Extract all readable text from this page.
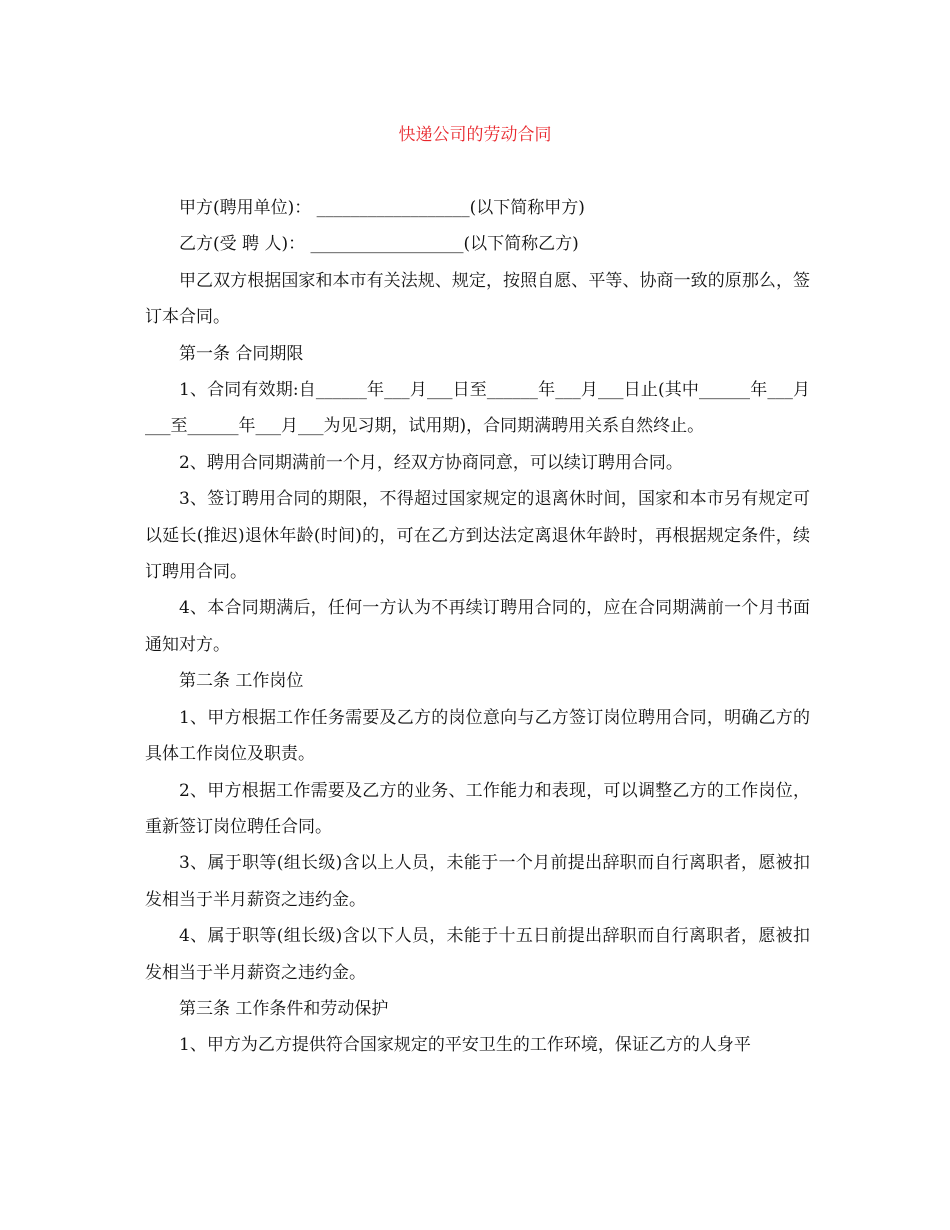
快递公司的劳动合同

甲方(聘用单位)： __________________(以下简称甲方)

乙方(受 聘 人)： __________________(以下简称乙方)

甲乙双方根据国家和本市有关法规、规定，按照自愿、平等、协商一致的原那么，签订本合同。

第一条 合同期限

1、合同有效期:自______年___月___日至______年___月___日止(其中______年___月___至______年___月___为见习期，试用期)，合同期满聘用关系自然终止。

2、聘用合同期满前一个月，经双方协商同意，可以续订聘用合同。

3、签订聘用合同的期限，不得超过国家规定的退离休时间，国家和本市另有规定可以延长(推迟)退休年龄(时间)的，可在乙方到达法定离退休年龄时，再根据规定条件，续订聘用合同。

4、本合同期满后，任何一方认为不再续订聘用合同的，应在合同期满前一个月书面通知对方。

第二条 工作岗位

1、甲方根据工作任务需要及乙方的岗位意向与乙方签订岗位聘用合同，明确乙方的具体工作岗位及职责。

2、甲方根据工作需要及乙方的业务、工作能力和表现，可以调整乙方的工作岗位，重新签订岗位聘任合同。

3、属于职等(组长级)含以上人员，未能于一个月前提出辞职而自行离职者，愿被扣发相当于半月薪资之违约金。

4、属于职等(组长级)含以下人员，未能于十五日前提出辞职而自行离职者，愿被扣发相当于半月薪资之违约金。

第三条 工作条件和劳动保护

1、甲方为乙方提供符合国家规定的平安卫生的工作环境，保证乙方的人身平
